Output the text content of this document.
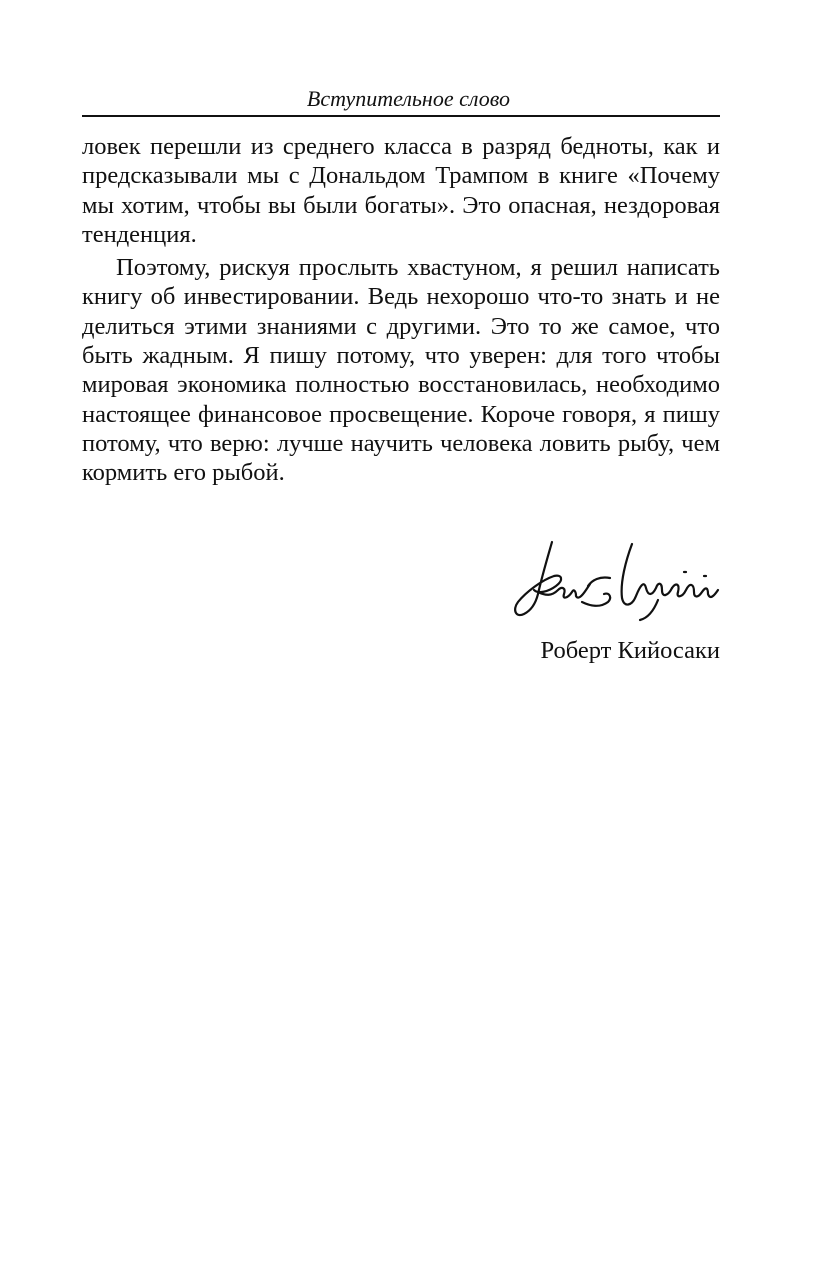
Вступительное слово

ловек перешли из среднего класса в разряд бедноты, как и предсказывали мы с Дональдом Трампом в книге «Почему мы хотим, чтобы вы были богаты». Это опасная, нездоровая тенденция.

Поэтому, рискуя прослыть хвастуном, я решил написать книгу об инвестировании. Ведь нехорошо что-то знать и не делиться этими знаниями с другими. Это то же самое, что быть жадным. Я пишу потому, что уверен: для того чтобы мировая экономика полностью восстановилась, необходимо настоящее финансовое просвещение. Короче говоря, я пишу потому, что верю: лучше научить человека ловить рыбу, чем кормить его рыбой.

Роберт Кийосаки
